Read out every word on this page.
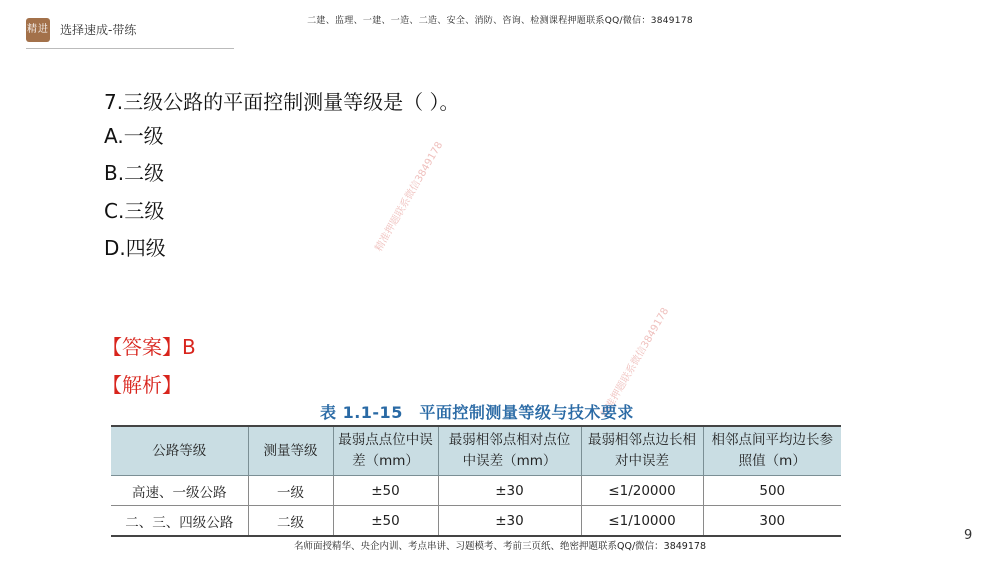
精进 选择速成-带练
二建、监理、一建、一造、二造、安全、消防、咨询、检测课程押题联系QQ/微信：3849178
7.三级公路的平面控制测量等级是（ ）。
A.一级
B.二级
C.三级
D.四级
【答案】B
【解析】
精准押题联系微信3849178
精准押题联系微信3849178
表 1.1-15　平面控制测量等级与技术要求
公路等级	测量等级	最弱点点位中误差（mm）	最弱相邻点相对点位中误差（mm）	最弱相邻点边长相对中误差	相邻点间平均边长参照值（m）
高速、一级公路	一级	±50	±30	≤1/20000	500
二、三、四级公路	二级	±50	±30	≤1/10000	300
名师面授精华、央企内训、考点串讲、习题模考、考前三页纸、绝密押题联系QQ/微信：3849178
9
